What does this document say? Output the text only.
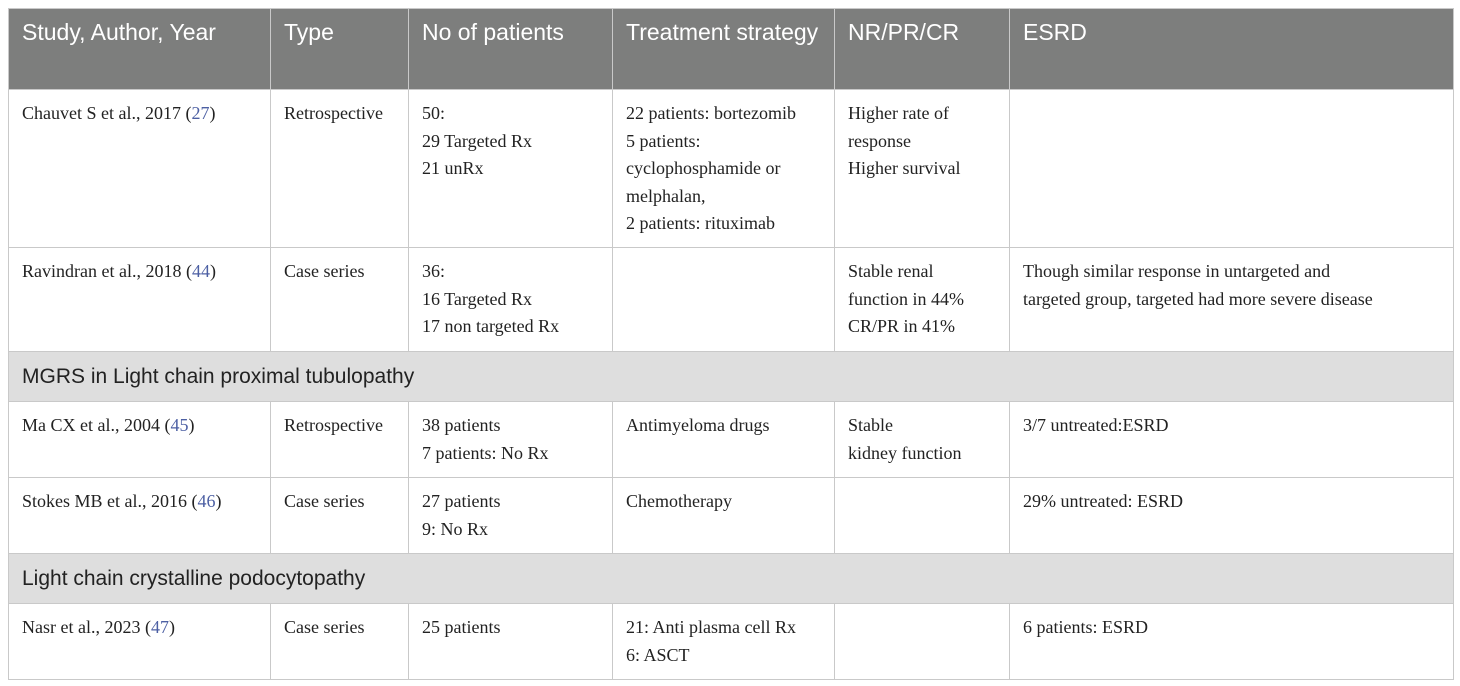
Study, Author, Year	Type	No of patients	Treatment strategy	NR/PR/CR	ESRD
Chauvet S et al., 2017 (27)	Retrospective	50:
29 Targeted Rx
21 unRx	22 patients: bortezomib
5 patients:
cyclophosphamide or
melphalan,
2 patients: rituximab	Higher rate of
response
Higher survival	
Ravindran et al., 2018 (44)	Case series	36:
16 Targeted Rx
17 non targeted Rx		Stable renal
function in 44%
CR/PR in 41%	Though similar response in untargeted and
targeted group, targeted had more severe disease
MGRS in Light chain proximal tubulopathy					
Ma CX et al., 2004 (45)	Retrospective	38 patients
7 patients: No Rx	Antimyeloma drugs	Stable
kidney function	3/7 untreated:ESRD
Stokes MB et al., 2016 (46)	Case series	27 patients
9: No Rx	Chemotherapy		29% untreated: ESRD
Light chain crystalline podocytopathy					
Nasr et al., 2023 (47)	Case series	25 patients	21: Anti plasma cell Rx
6: ASCT		6 patients: ESRD
